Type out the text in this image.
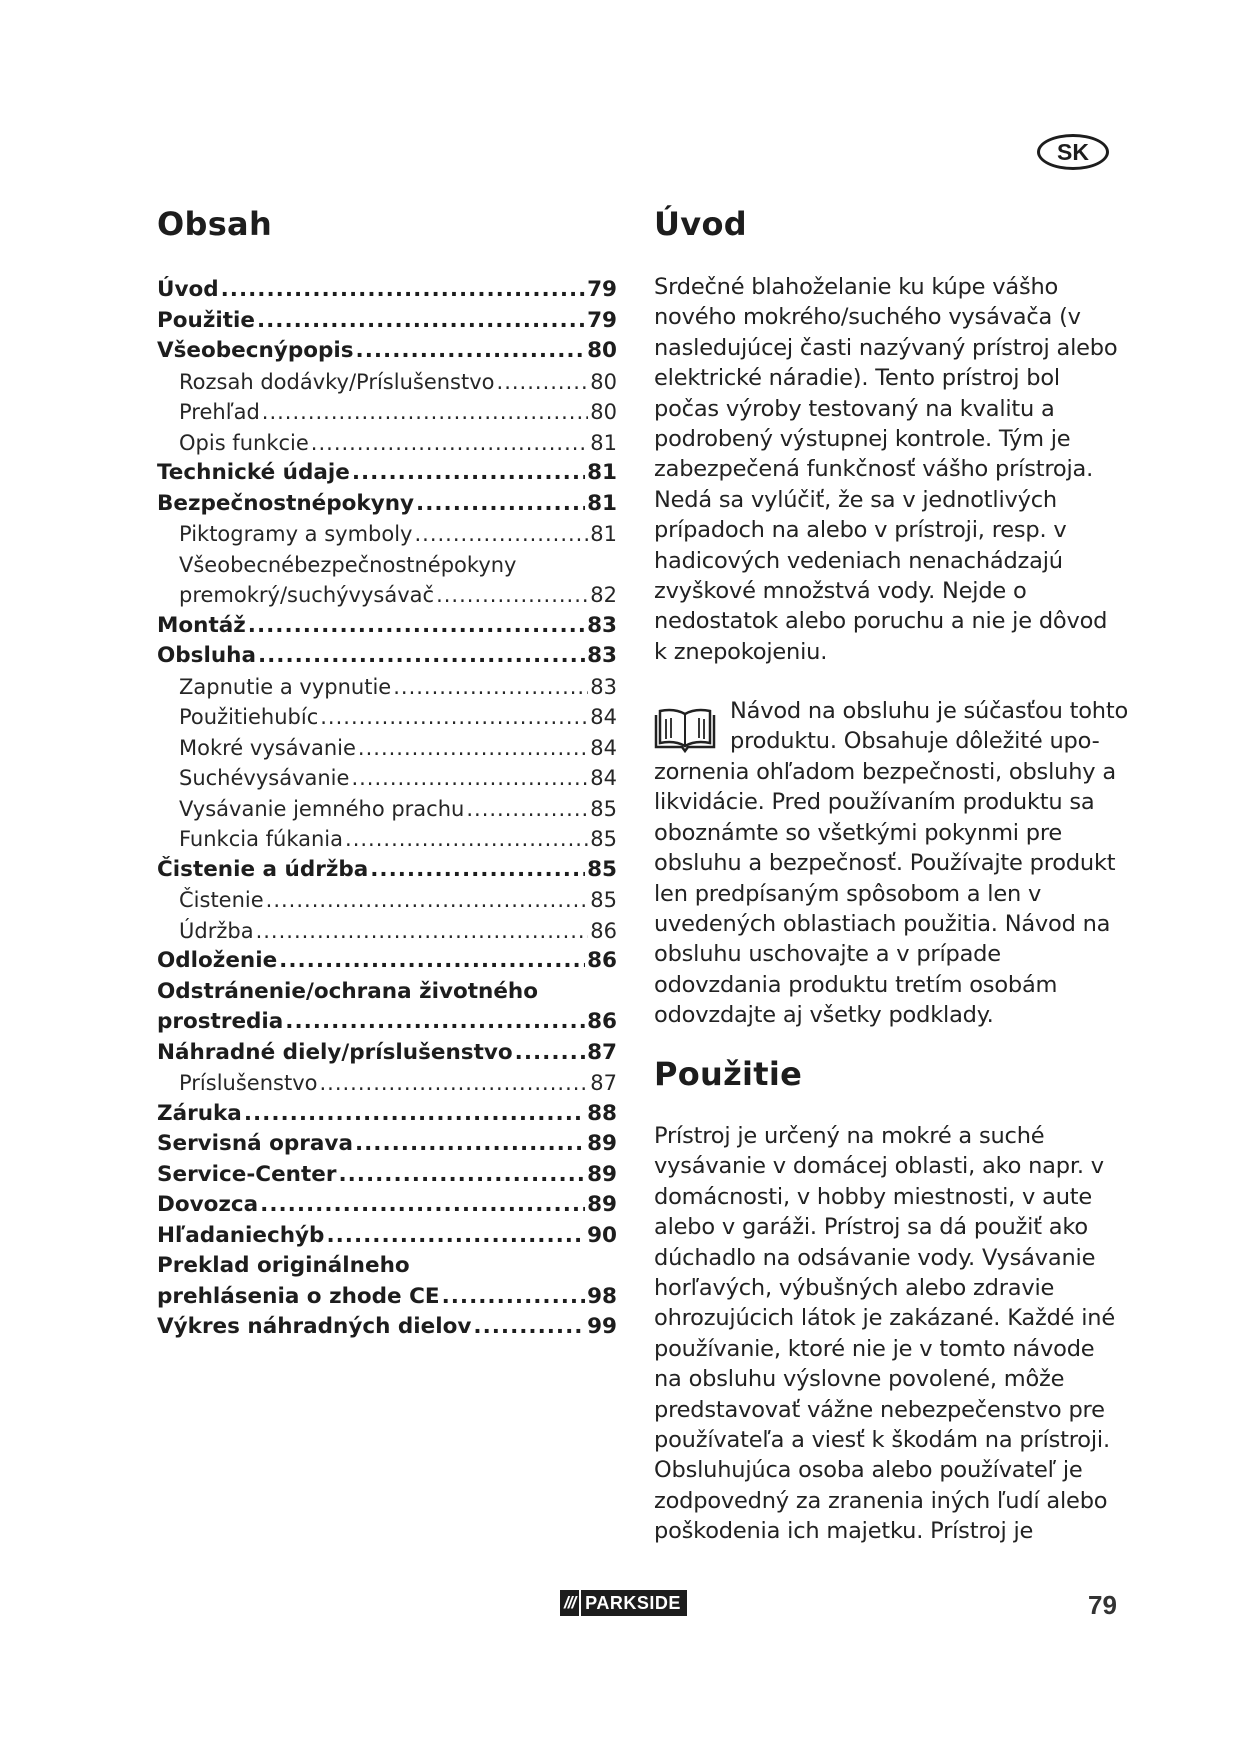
SK
Obsah	Úvod
Úvod .....	79
Použitie .....	79
Všeobecnýpopis .....	80
Rozsah dodávky/Príslušenstvo .....	80
Prehľad .....	80
Opis funkcie .....	81
Technické údaje .....	81
Bezpečnostnépokyny .....	81
Piktogramy a symboly .....	81
Všeobecnébezpečnostnépokyny
premokrý/suchývysávač .....	82
Montáž .....	83
Obsluha .....	83
Zapnutie a vypnutie .....	83
Použitiehubíc .....	84
Mokré vysávanie .....	84
Suchévysávanie .....	84
Vysávanie jemného prachu .....	85
Funkcia fúkania .....	85
Čistenie a údržba .....	85
Čistenie .....	85
Údržba .....	86
Odloženie .....	86
Odstránenie/ochrana životného
prostredia .....	86
Náhradné diely/príslušenstvo .....	87
Príslušenstvo .....	87
Záruka .....	88
Servisná oprava .....	89
Service-Center .....	89
Dovozca .....	89
Hľadaniechýb .....	90
Preklad originálneho
prehlásenia o zhode CE .....	98
Výkres náhradných dielov .....	99

Srdečné blahoželanie ku kúpe vášho nového mokrého/suchého vysávača (v nasledujúcej časti nazývaný prístroj alebo elektrické náradie). Tento prístroj bol počas výroby testovaný na kvalitu a podrobený výstupnej kontrole. Tým je zabezpečená funkčnosť vášho prístroja. Nedá sa vylúčiť, že sa v jednotlivých prípadoch na alebo v prístroji, resp. v hadicových vedeniach nenachádzajú zvyškové množstvá vody. Nejde o nedostatok alebo poruchu a nie je dôvod k znepokojeniu.

Návod na obsluhu je súčasťou tohto produktu. Obsahuje dôležité upo-

zornenia ohľadom bezpečnosti, obsluhy a likvidácie. Pred používaním produktu sa oboznámte so všetkými pokynmi pre obsluhu a bezpečnosť. Používajte produkt len predpísaným spôsobom a len v uvedených oblastiach použitia. Návod na obsluhu uschovajte a v prípade odovzdania produktu tretím osobám odovzdajte aj všetky podklady.

Použitie

Prístroj je určený na mokré a suché vysávanie v domácej oblasti, ako napr. v domácnosti, v hobby miestnosti, v aute alebo v garáži. Prístroj sa dá použiť ako dúchadlo na odsávanie vody. Vysávanie horľavých, výbušných alebo zdravie ohrozujúcich látok je zakázané. Každé iné používanie, ktoré nie je v tomto návode na obsluhu výslovne povolené, môže predstavovať vážne nebezpečenstvo pre používateľa a viesť k škodám na prístroji. Obsluhujúca osoba alebo používateľ je zodpovedný za zranenia iných ľudí alebo poškodenia ich majetku. Prístroj je

/// PARKSIDE	79
